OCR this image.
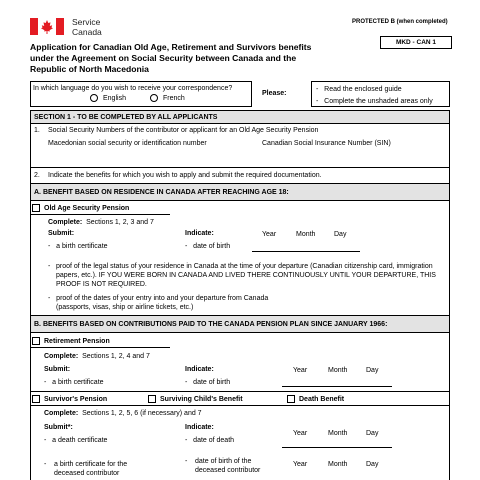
Service
Canada
PROTECTED B (when completed)
MKD - CAN 1
Application for Canadian Old Age, Retirement and Survivors benefits under the Agreement on Social Security between Canada and the Republic of North Macedonia
In which language do you wish to receive your correspondence?
English	French
Please:
-   Read the enclosed guide
-   Complete the unshaded areas only
SECTION 1 - TO BE COMPLETED BY ALL APPLICANTS
1. Social Security Numbers of the contributor or applicant for an Old Age Security Pension
Macedonian social security or identification number	Canadian Social Insurance Number (SIN)
2. Indicate the benefits for which you wish to apply and submit the required documentation.
A. BENEFIT BASED ON RESIDENCE IN CANADA AFTER REACHING AGE 18:
Old Age Security Pension
Complete: Sections 1, 2, 3 and 7
Submit:	Indicate:	Year	Month	Day
-   a birth certificate	-   date of birth
- proof of the legal status of your residence in Canada at the time of your departure (Canadian citizenship card, immigration papers, etc.). IF YOU WERE BORN IN CANADA AND LIVED THERE CONTINUOUSLY UNTIL YOUR DEPARTURE, THIS PROOF IS NOT REQUIRED.
-   proof of the dates of your entry into and your departure from Canada
(passports, visas, ship or airline tickets, etc.)
B. BENEFITS BASED ON CONTRIBUTIONS PAID TO THE CANADA PENSION PLAN SINCE JANUARY 1966:
Retirement Pension
Complete: Sections 1, 2, 4 and 7
Submit:	Indicate:	Year	Month	Day
-   a birth certificate	-   date of birth
Survivor's Pension	Surviving Child's Benefit	Death Benefit
Complete: Sections 1, 2, 5, 6 (if necessary) and 7
Submit*:	Indicate:
Year	Month	Day
-   a death certificate	-   date of death
- a birth certificate for the deceased contributor
- date of birth of the deceased contributor
Year	Month	Day
